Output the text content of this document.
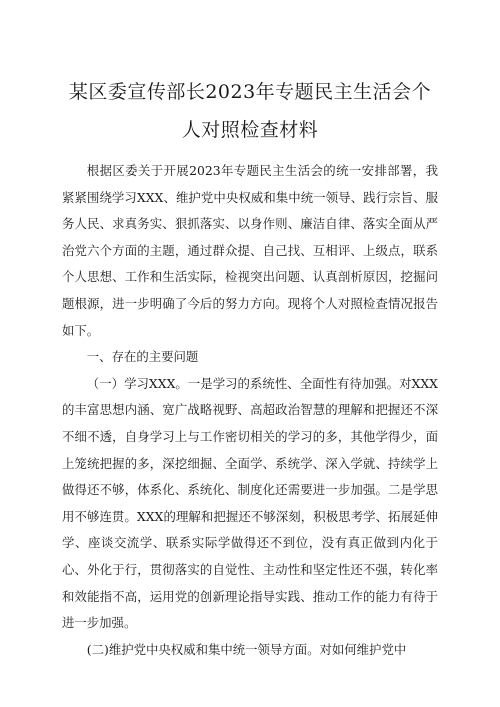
某区委宣传部长2023年专题民主生活会个
人对照检查材料

根据区委关于开展2023年专题民主生活会的统一安排部署，我紧紧围绕学习XXX、维护党中央权威和集中统一领导、践行宗旨、服务人民、求真务实、狠抓落实、以身作则、廉洁自律、落实全面从严治党六个方面的主题，通过群众提、自己找、互相评、上级点，联系个人思想、工作和生活实际，检视突出问题、认真剖析原因，挖掘问题根源，进一步明确了今后的努力方向。现将个人对照检查情况报告如下。

一、存在的主要问题

（一）学习XXX。一是学习的系统性、全面性有待加强。对XXX的丰富思想内涵、宽广战略视野、高超政治智慧的理解和把握还不深不细不透，自身学习上与工作密切相关的学习的多，其他学得少，面上笼统把握的多，深挖细掘、全面学、系统学、深入学就、持续学上做得还不够，体系化、系统化、制度化还需要进一步加强。二是学思用不够连贯。XXX的理解和把握还不够深刻，积极思考学、拓展延伸学、座谈交流学、联系实际学做得还不到位，没有真正做到内化于心、外化于行，贯彻落实的自觉性、主动性和坚定性还不强，转化率和效能指不高，运用党的创新理论指导实践、推动工作的能力有待于进一步加强。

(二)维护党中央权威和集中统一领导方面。对如何维护党中
